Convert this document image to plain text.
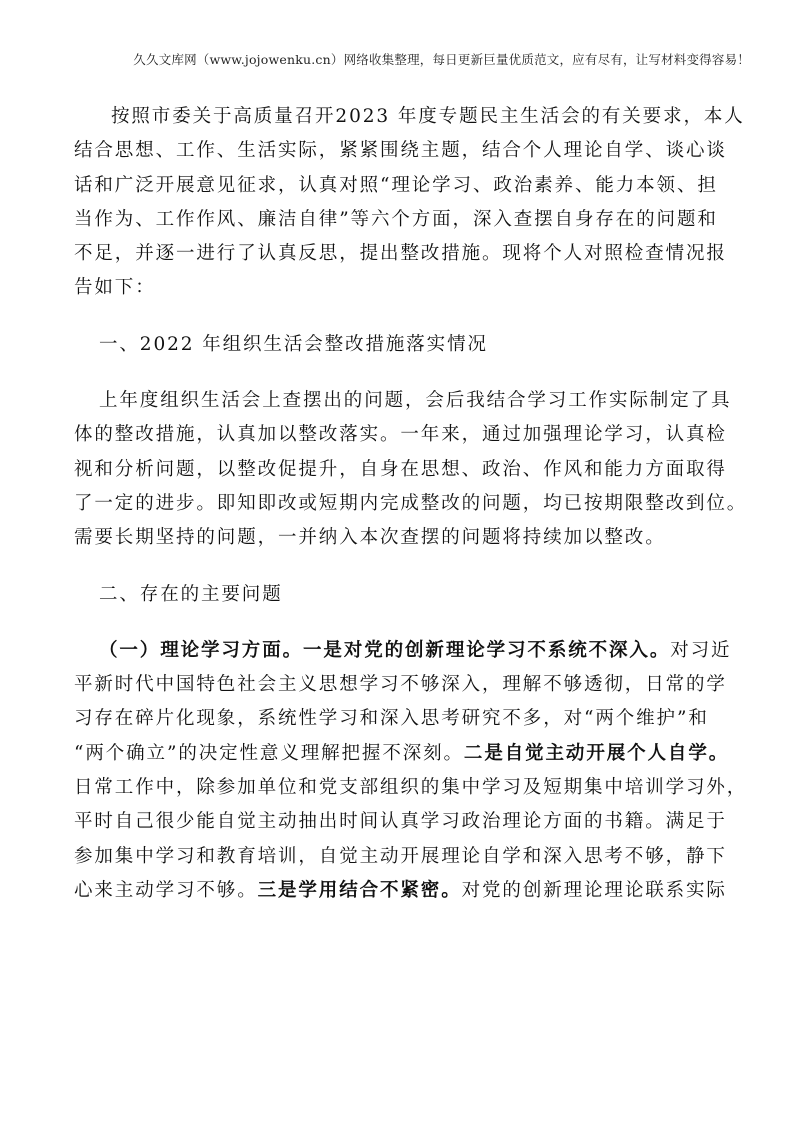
久久文库网（www.jojowenku.cn）网络收集整理，每日更新巨量优质范文，应有尽有，让写材料变得容易！
按照市委关于高质量召开2023 年度专题民主生活会的有关要求，本人
结合思想、工作、生活实际，紧紧围绕主题，结合个人理论自学、谈心谈
话和广泛开展意见征求，认真对照“理论学习、政治素养、能力本领、担
当作为、工作作风、廉洁自律”等六个方面，深入查摆自身存在的问题和
不足，并逐一进行了认真反思，提出整改措施。现将个人对照检查情况报
告如下：
一、2022 年组织生活会整改措施落实情况
上年度组织生活会上查摆出的问题，会后我结合学习工作实际制定了具
体的整改措施，认真加以整改落实。一年来，通过加强理论学习，认真检
视和分析问题，以整改促提升，自身在思想、政治、作风和能力方面取得
了一定的进步。即知即改或短期内完成整改的问题，均已按期限整改到位。
需要长期坚持的问题，一并纳入本次查摆的问题将持续加以整改。
二、存在的主要问题
（一）理论学习方面。一是对党的创新理论学习不系统不深入。对习近
平新时代中国特色社会主义思想学习不够深入，理解不够透彻，日常的学
习存在碎片化现象，系统性学习和深入思考研究不多，对“两个维护”和
“两个确立”的决定性意义理解把握不深刻。二是自觉主动开展个人自学。
日常工作中，除参加单位和党支部组织的集中学习及短期集中培训学习外，
平时自己很少能自觉主动抽出时间认真学习政治理论方面的书籍。满足于
参加集中学习和教育培训，自觉主动开展理论自学和深入思考不够，静下
心来主动学习不够。三是学用结合不紧密。对党的创新理论理论联系实际
